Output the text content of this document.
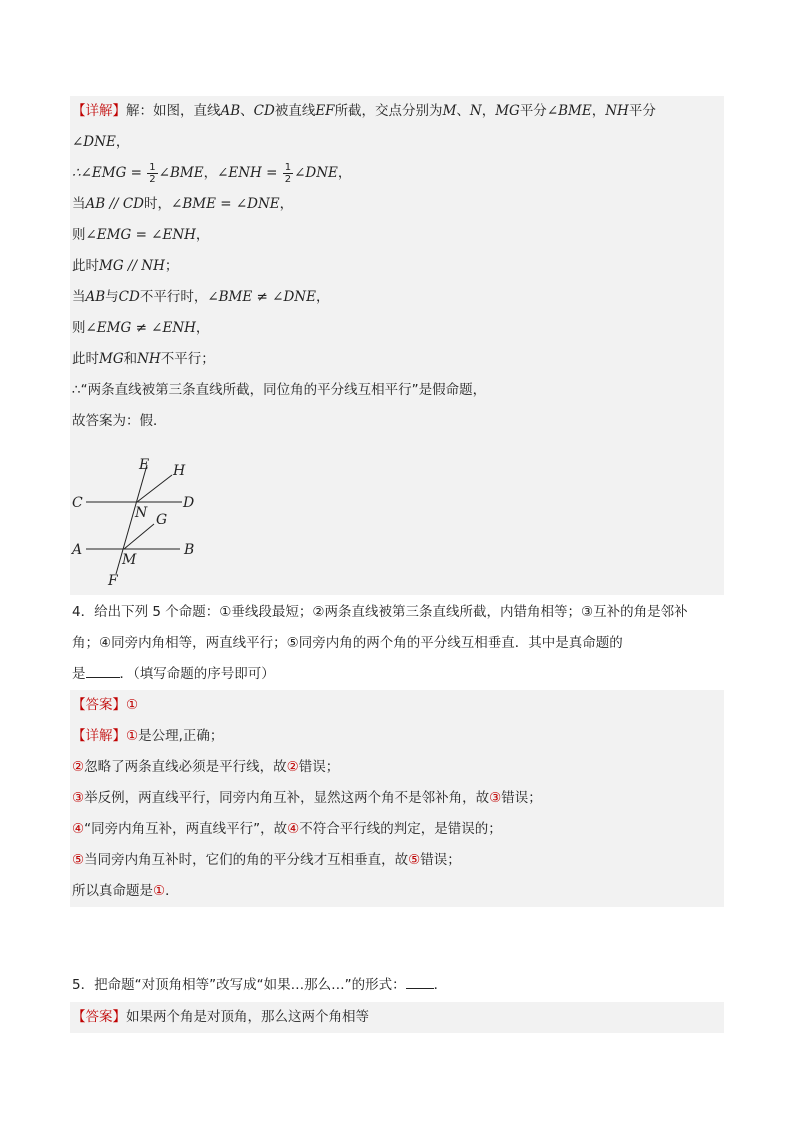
【详解】解：如图，直线AB、CD被直线EF所截，交点分别为M、N，MG平分∠BME，NH平分
∠DNE，
∴∠EMG = $\frac{1}{2}$ ∠BME，∠ENH = $\frac{1}{2}$ ∠DNE，
当AB // CD时，∠BME = ∠DNE，
则∠EMG = ∠ENH，
此时MG // NH；
当AB与CD不平行时，∠BME ≠ ∠DNE，
则∠EMG ≠ ∠ENH，
此时MG和NH不平行；
∴“两条直线被第三条直线所截，同位角的平分线互相平行”是假命题，
故答案为：假．
E H
C	D
N G
A	B
M
F
4．给出下列 5 个命题：①垂线段最短；②两条直线被第三条直线所截，内错角相等；③互补的角是邻补
角；④同旁内角相等，两直线平行；⑤同旁内角的两个角的平分线互相垂直．其中是真命题的
是	．（填写命题的序号即可）
【答案】①
【详解】①是公理,正确；
②忽略了两条直线必须是平行线，故②错误；
③举反例，两直线平行，同旁内角互补，显然这两个角不是邻补角，故③错误；
④“同旁内角互补，两直线平行”，故④不符合平行线的判定，是错误的；
⑤当同旁内角互补时，它们的角的平分线才互相垂直，故⑤错误；
所以真命题是①．
5．把命题“对顶角相等”改写成“如果…那么…”的形式： ．
【答案】如果两个角是对顶角，那么这两个角相等
